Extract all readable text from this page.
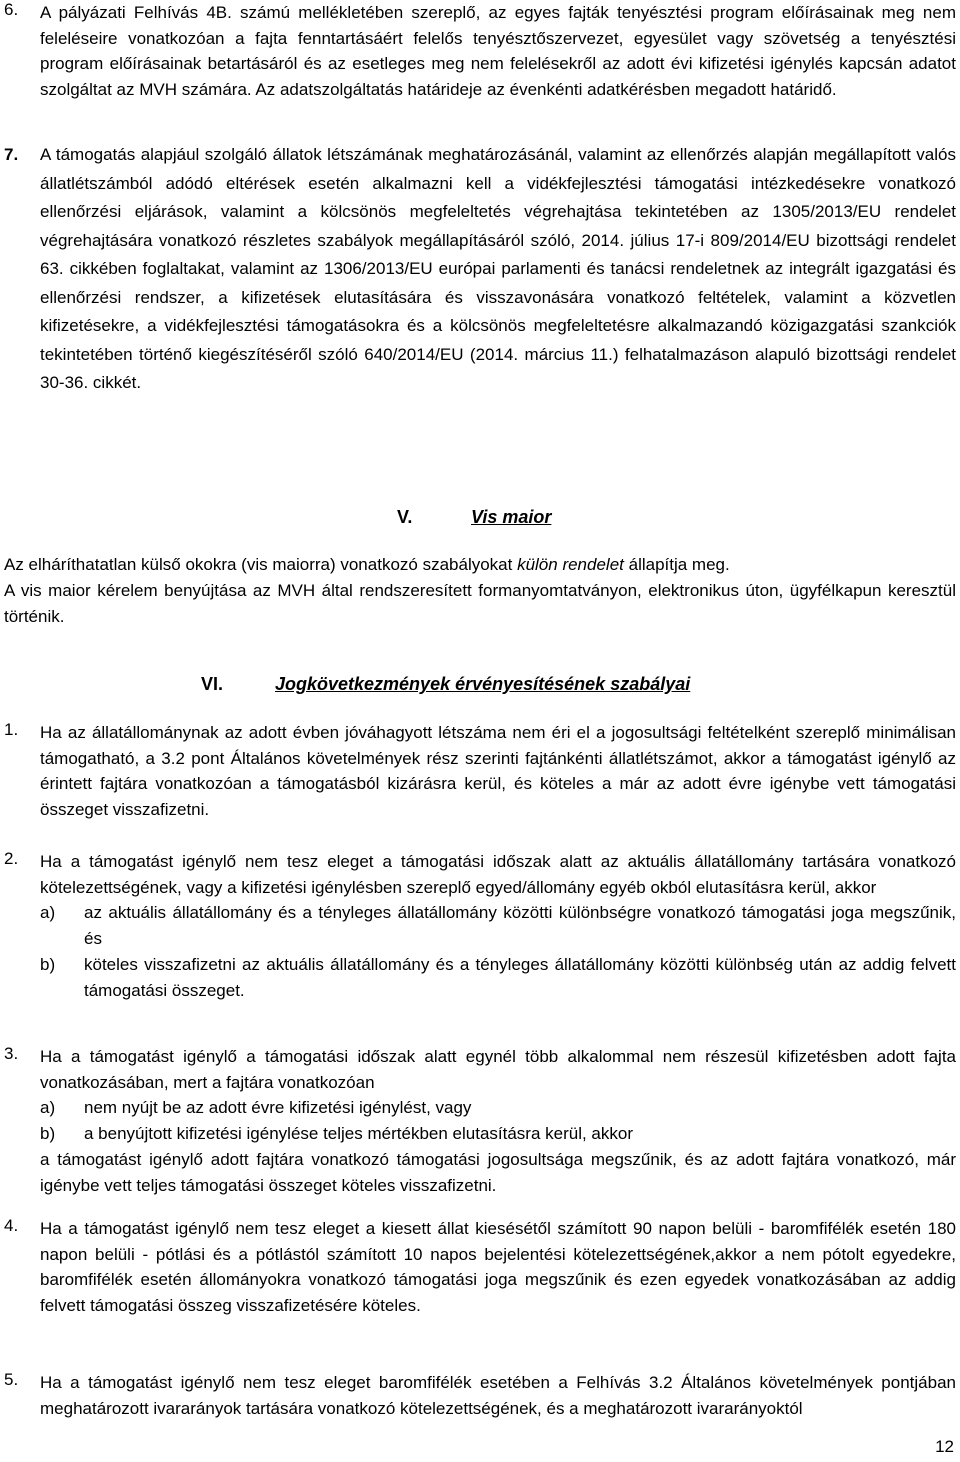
6. A pályázati Felhívás 4B. számú mellékletében szereplő, az egyes fajták tenyésztési program előírásainak meg nem feleléseire vonatkozóan a fajta fenntartásáért felelős tenyésztőszervezet, egyesület vagy szövetség a tenyésztési program előírásainak betartásáról és az esetleges meg nem felelésekről az adott évi kifizetési igénylés kapcsán adatot szolgáltat az MVH számára. Az adatszolgáltatás határideje az évenkénti adatkérésben megadott határidő.
7. A támogatás alapjául szolgáló állatok létszámának meghatározásánál, valamint az ellenőrzés alapján megállapított valós állatlétszámból adódó eltérések esetén alkalmazni kell a vidékfejlesztési támogatási intézkedésekre vonatkozó ellenőrzési eljárások, valamint a kölcsönös megfeleltetés végrehajtása tekintetében az 1305/2013/EU rendelet végrehajtására vonatkozó részletes szabályok megállapításáról szóló, 2014. július 17-i 809/2014/EU bizottsági rendelet 63. cikkében foglaltakat, valamint az 1306/2013/EU európai parlamenti és tanácsi rendeletnek az integrált igazgatási és ellenőrzési rendszer, a kifizetések elutasítására és visszavonására vonatkozó feltételek, valamint a közvetlen kifizetésekre, a vidékfejlesztési támogatásokra és a kölcsönös megfeleltetésre alkalmazandó közigazgatási szankciók tekintetében történő kiegészítéséről szóló 640/2014/EU (2014. március 11.) felhatalmazáson alapuló bizottsági rendelet 30-36. cikkét.
V.	Vis maior
Az elháríthatatlan külső okokra (vis maiorra) vonatkozó szabályokat külön rendelet állapítja meg.
A vis maior kérelem benyújtása az MVH által rendszeresített formanyomtatványon, elektronikus úton, ügyfélkapun keresztül történik.
VI.	Jogkövetkezmények érvényesítésének szabályai
1. Ha az állatállománynak az adott évben jóváhagyott létszáma nem éri el a jogosultsági feltételként szereplő minimálisan támogatható, a 3.2 pont Általános követelmények rész szerinti fajtánkénti állatlétszámot, akkor a támogatást igénylő az érintett fajtára vonatkozóan a támogatásból kizárásra kerül, és köteles a már az adott évre igénybe vett támogatási összeget visszafizetni.
2. Ha a támogatást igénylő nem tesz eleget a támogatási időszak alatt az aktuális állatállomány tartására vonatkozó kötelezettségének, vagy a kifizetési igénylésben szereplő egyed/állomány egyéb okból elutasításra kerül, akkor
a) az aktuális állatállomány és a tényleges állatállomány közötti különbségre vonatkozó támogatási joga megszűnik, és
b) köteles visszafizetni az aktuális állatállomány és a tényleges állatállomány közötti különbség után az addig felvett támogatási összeget.
3. Ha a támogatást igénylő a támogatási időszak alatt egynél több alkalommal nem részesül kifizetésben adott fajta vonatkozásában, mert a fajtára vonatkozóan
a) nem nyújt be az adott évre kifizetési igénylést, vagy
b) a benyújtott kifizetési igénylése teljes mértékben elutasításra kerül, akkor
a támogatást igénylő adott fajtára vonatkozó támogatási jogosultsága megszűnik, és az adott fajtára vonatkozó, már igénybe vett teljes támogatási összeget köteles visszafizetni.
4. Ha a támogatást igénylő nem tesz eleget a kiesett állat kiesésétől számított 90 napon belüli - baromfifélék esetén 180 napon belüli - pótlási és a pótlástól számított 10 napos bejelentési kötelezettségének,akkor a nem pótolt egyedekre, baromfifélék esetén állományokra vonatkozó támogatási joga megszűnik és ezen egyedek vonatkozásában az addig felvett támogatási összeg visszafizetésére köteles.
5. Ha a támogatást igénylő nem tesz eleget baromfifélék esetében a Felhívás 3.2 Általános követelmények pontjában meghatározott ivararányok tartására vonatkozó kötelezettségének, és a meghatározott ivararányoktól
12
